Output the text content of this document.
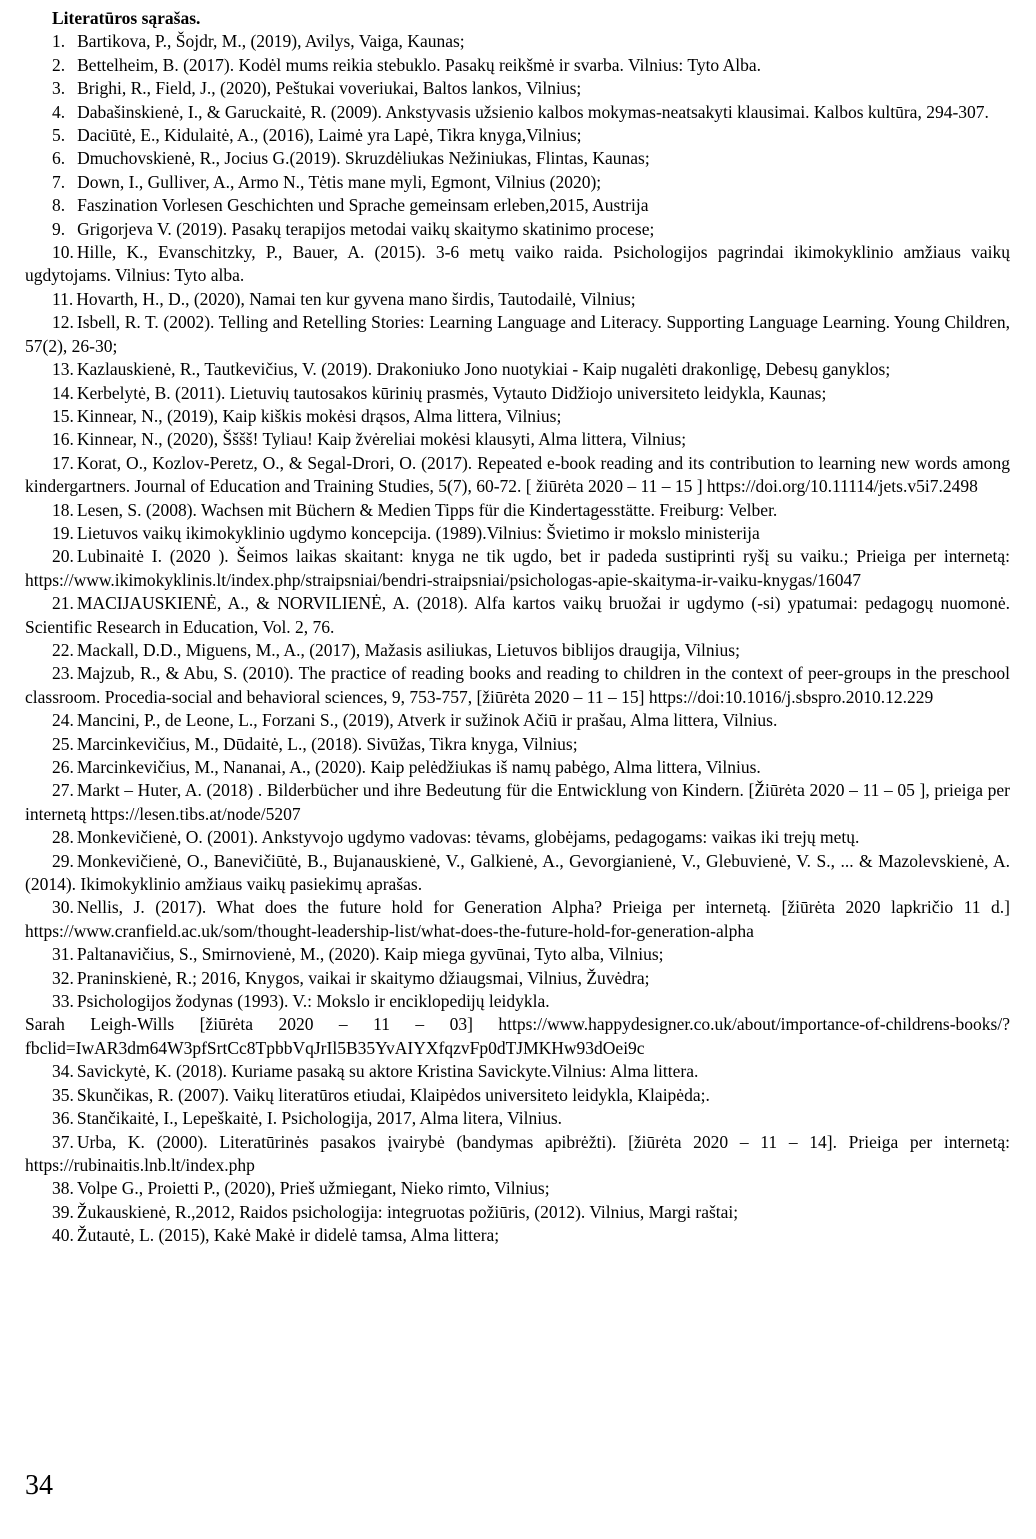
Literatūros sąrašas.

1. Bartikova, P., Šojdr, M., (2019), Avilys, Vaiga, Kaunas;

2. Bettelheim, B. (2017). Kodėl mums reikia stebuklo. Pasakų reikšmė ir svarba. Vilnius: Tyto Alba.

3. Brighi, R., Field, J., (2020), Peštukai voveriukai, Baltos lankos, Vilnius;

4. Dabašinskienė, I., & Garuckaitė, R. (2009). Ankstyvasis užsienio kalbos mokymas-neatsakyti klausimai. Kalbos kultūra, 294-307.

5. Daciūtė, E., Kidulaitė, A., (2016), Laimė yra Lapė, Tikra knyga,Vilnius;

6. Dmuchovskienė, R., Jocius G.(2019). Skruzdėliukas Nežiniukas, Flintas, Kaunas;

7. Down, I., Gulliver, A., Armo N., Tėtis mane myli, Egmont, Vilnius (2020);

8. Faszination Vorlesen Geschichten und Sprache gemeinsam erleben,2015, Austrija

9. Grigorjeva V. (2019). Pasakų terapijos metodai vaikų skaitymo skatinimo procese;

10. Hille, K., Evanschitzky, P., Bauer, A. (2015). 3-6 metų vaiko raida. Psichologijos pagrindai ikimokyklinio amžiaus vaikų ugdytojams. Vilnius: Tyto alba.

11. Hovarth, H., D., (2020), Namai ten kur gyvena mano širdis, Tautodailė, Vilnius;

12. Isbell, R. T. (2002). Telling and Retelling Stories: Learning Language and Literacy. Supporting Language Learning. Young Children, 57(2), 26-30;

13. Kazlauskienė, R., Tautkevičius, V. (2019). Drakoniuko Jono nuotykiai - Kaip nugalėti drakonligę, Debesų ganyklos;

14. Kerbelytė, B. (2011). Lietuvių tautosakos kūrinių prasmės, Vytauto Didžiojo universiteto leidykla, Kaunas;

15. Kinnear, N., (2019), Kaip kiškis mokėsi drąsos, Alma littera, Vilnius;

16. Kinnear, N., (2020), Šššš! Tyliau! Kaip žvėreliai mokėsi klausyti, Alma littera, Vilnius;

17. Korat, O., Kozlov-Peretz, O., & Segal-Drori, O. (2017). Repeated e-book reading and its contribution to learning new words among kindergartners. Journal of Education and Training Studies, 5(7), 60-72. [ žiūrėta 2020 – 11 – 15 ] https://doi.org/10.11114/jets.v5i7.2498

18. Lesen, S. (2008). Wachsen mit Büchern & Medien Tipps für die Kindertagesstätte. Freiburg: Velber.

19. Lietuvos vaikų ikimokyklinio ugdymo koncepcija. (1989).Vilnius: Švietimo ir mokslo ministerija

20. Lubinaitė I. (2020 ). Šeimos laikas skaitant: knyga ne tik ugdo, bet ir padeda sustiprinti ryšį su vaiku.; Prieiga per internetą: https://www.ikimokyklinis.lt/index.php/straipsniai/bendri-straipsniai/psichologas-apie-skaityma-ir-vaiku-knygas/16047

21. MACIJAUSKIENĖ, A., & NORVILIENĖ, A. (2018). Alfa kartos vaikų bruožai ir ugdymo (-si) ypatumai: pedagogų nuomonė. Scientific Research in Education, Vol. 2, 76.

22. Mackall, D.D., Miguens, M., A., (2017), Mažasis asiliukas, Lietuvos biblijos draugija, Vilnius;

23. Majzub, R., & Abu, S. (2010). The practice of reading books and reading to children in the context of peer-groups in the preschool classroom. Procedia-social and behavioral sciences, 9, 753-757, [žiūrėta 2020 – 11 – 15] https://doi:10.1016/j.sbspro.2010.12.229

24. Mancini, P., de Leone, L., Forzani S., (2019), Atverk ir sužinok Ačiū ir prašau, Alma littera, Vilnius.

25. Marcinkevičius, M., Dūdaitė, L., (2018). Sivūžas, Tikra knyga, Vilnius;

26. Marcinkevičius, M., Nananai, A., (2020). Kaip pelėdžiukas iš namų pabėgo, Alma littera, Vilnius.

27. Markt – Huter, A. (2018) . Bilderbücher und ihre Bedeutung für die Entwicklung von Kindern. [Žiūrėta 2020 – 11 – 05 ], prieiga per internetą https://lesen.tibs.at/node/5207

28. Monkevičienė, O. (2001). Ankstyvojo ugdymo vadovas: tėvams, globėjams, pedagogams: vaikas iki trejų metų.

29. Monkevičienė, O., Banevičiūtė, B., Bujanauskienė, V., Galkienė, A., Gevorgianienė, V., Glebuvienė, V. S., ... & Mazolevskienė, A. (2014). Ikimokyklinio amžiaus vaikų pasiekimų aprašas.

30. Nellis, J. (2017). What does the future hold for Generation Alpha? Prieiga per internetą. [žiūrėta 2020 lapkričio 11 d.] https://www.cranfield.ac.uk/som/thought-leadership-list/what-does-the-future-hold-for-generation-alpha

31. Paltanavičius, S., Smirnovienė, M., (2020). Kaip miega gyvūnai, Tyto alba, Vilnius;

32. Praninskienė, R.; 2016, Knygos, vaikai ir skaitymo džiaugsmai, Vilnius, Žuvėdra;

33. Psichologijos žodynas (1993). V.: Mokslo ir enciklopedijų leidykla.

Sarah Leigh-Wills [žiūrėta 2020 – 11 – 03] https://www.happydesigner.co.uk/about/importance-of-childrens-books/?fbclid=IwAR3dm64W3pfSrtCc8TpbbVqJrIl5B35YvAIYXfqzvFp0dTJMKHw93dOei9c

34. Savickytė, K. (2018). Kuriame pasaką su aktore Kristina Savickyte.Vilnius: Alma littera.

35. Skunčikas, R. (2007). Vaikų literatūros etiudai, Klaipėdos universiteto leidykla, Klaipėda;.

36. Stančikaitė, I., Lepeškaitė, I. Psichologija, 2017, Alma litera, Vilnius.

37. Urba, K. (2000). Literatūrinės pasakos įvairybė (bandymas apibrėžti). [žiūrėta 2020 – 11 – 14]. Prieiga per internetą: https://rubinaitis.lnb.lt/index.php

38. Volpe G., Proietti P., (2020), Prieš užmiegant, Nieko rimto, Vilnius;

39. Žukauskienė, R.,2012, Raidos psichologija: integruotas požiūris, (2012). Vilnius, Margi raštai;

40. Žutautė, L. (2015), Kakė Makė ir didelė tamsa, Alma littera;

34
